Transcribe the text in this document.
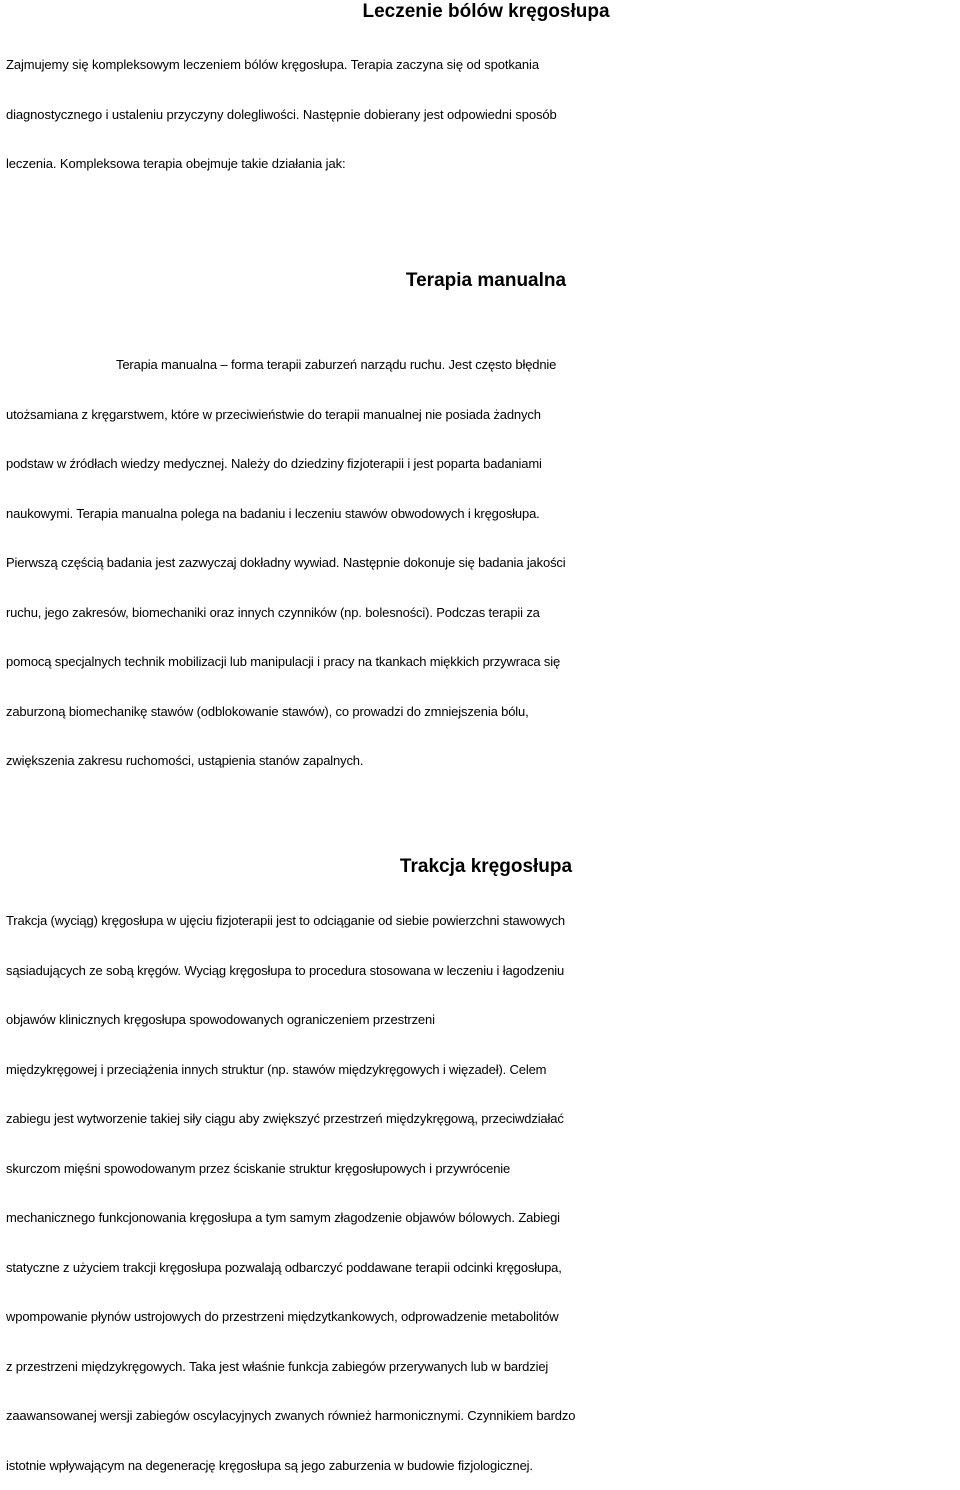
Leczenie bólów kręgosłupa

Zajmujemy się kompleksowym leczeniem bólów kręgosłupa. Terapia zaczyna się od spotkania
diagnostycznego i ustaleniu przyczyny dolegliwości. Następnie dobierany jest odpowiedni sposób
leczenia. Kompleksowa terapia obejmuje takie działania jak:

Terapia manualna

Terapia manualna – forma terapii zaburzeń narządu ruchu. Jest często błędnie
utożsamiana z kręgarstwem, które w przeciwieństwie do terapii manualnej nie posiada żadnych
podstaw w źródłach wiedzy medycznej. Należy do dziedziny fizjoterapii i jest poparta badaniami
naukowymi. Terapia manualna polega na badaniu i leczeniu stawów obwodowych i kręgosłupa.
Pierwszą częścią badania jest zazwyczaj dokładny wywiad. Następnie dokonuje się badania jakości
ruchu, jego zakresów, biomechaniki oraz innych czynników (np. bolesności). Podczas terapii za
pomocą specjalnych technik mobilizacji lub manipulacji i pracy na tkankach miękkich przywraca się
zaburzoną biomechanikę stawów (odblokowanie stawów), co prowadzi do zmniejszenia bólu,
zwiększenia zakresu ruchomości, ustąpienia stanów zapalnych.

Trakcja kręgosłupa

Trakcja (wyciąg) kręgosłupa w ujęciu fizjoterapii jest to odciąganie od siebie powierzchni stawowych
sąsiadujących ze sobą kręgów. Wyciąg kręgosłupa to procedura stosowana w leczeniu i łagodzeniu
objawów klinicznych kręgosłupa spowodowanych ograniczeniem przestrzeni
międzykręgowej i przeciążenia innych struktur (np. stawów międzykręgowych i więzadeł). Celem
zabiegu jest wytworzenie takiej siły ciągu aby zwiększyć przestrzeń międzykręgową, przeciwdziałać
skurczom mięśni spowodowanym przez ściskanie struktur kręgosłupowych i przywrócenie
mechanicznego funkcjonowania kręgosłupa a tym samym złagodzenie objawów bólowych. Zabiegi
statyczne z użyciem trakcji kręgosłupa pozwalają odbarczyć poddawane terapii odcinki kręgosłupa,
wpompowanie płynów ustrojowych do przestrzeni międzytkankowych, odprowadzenie metabolitów
z przestrzeni międzykręgowych. Taka jest właśnie funkcja zabiegów przerywanych lub w bardziej
zaawansowanej wersji zabiegów oscylacyjnych zwanych również harmonicznymi. Czynnikiem bardzo
istotnie wpływającym na degenerację kręgosłupa są jego zaburzenia w budowie fizjologicznej.
